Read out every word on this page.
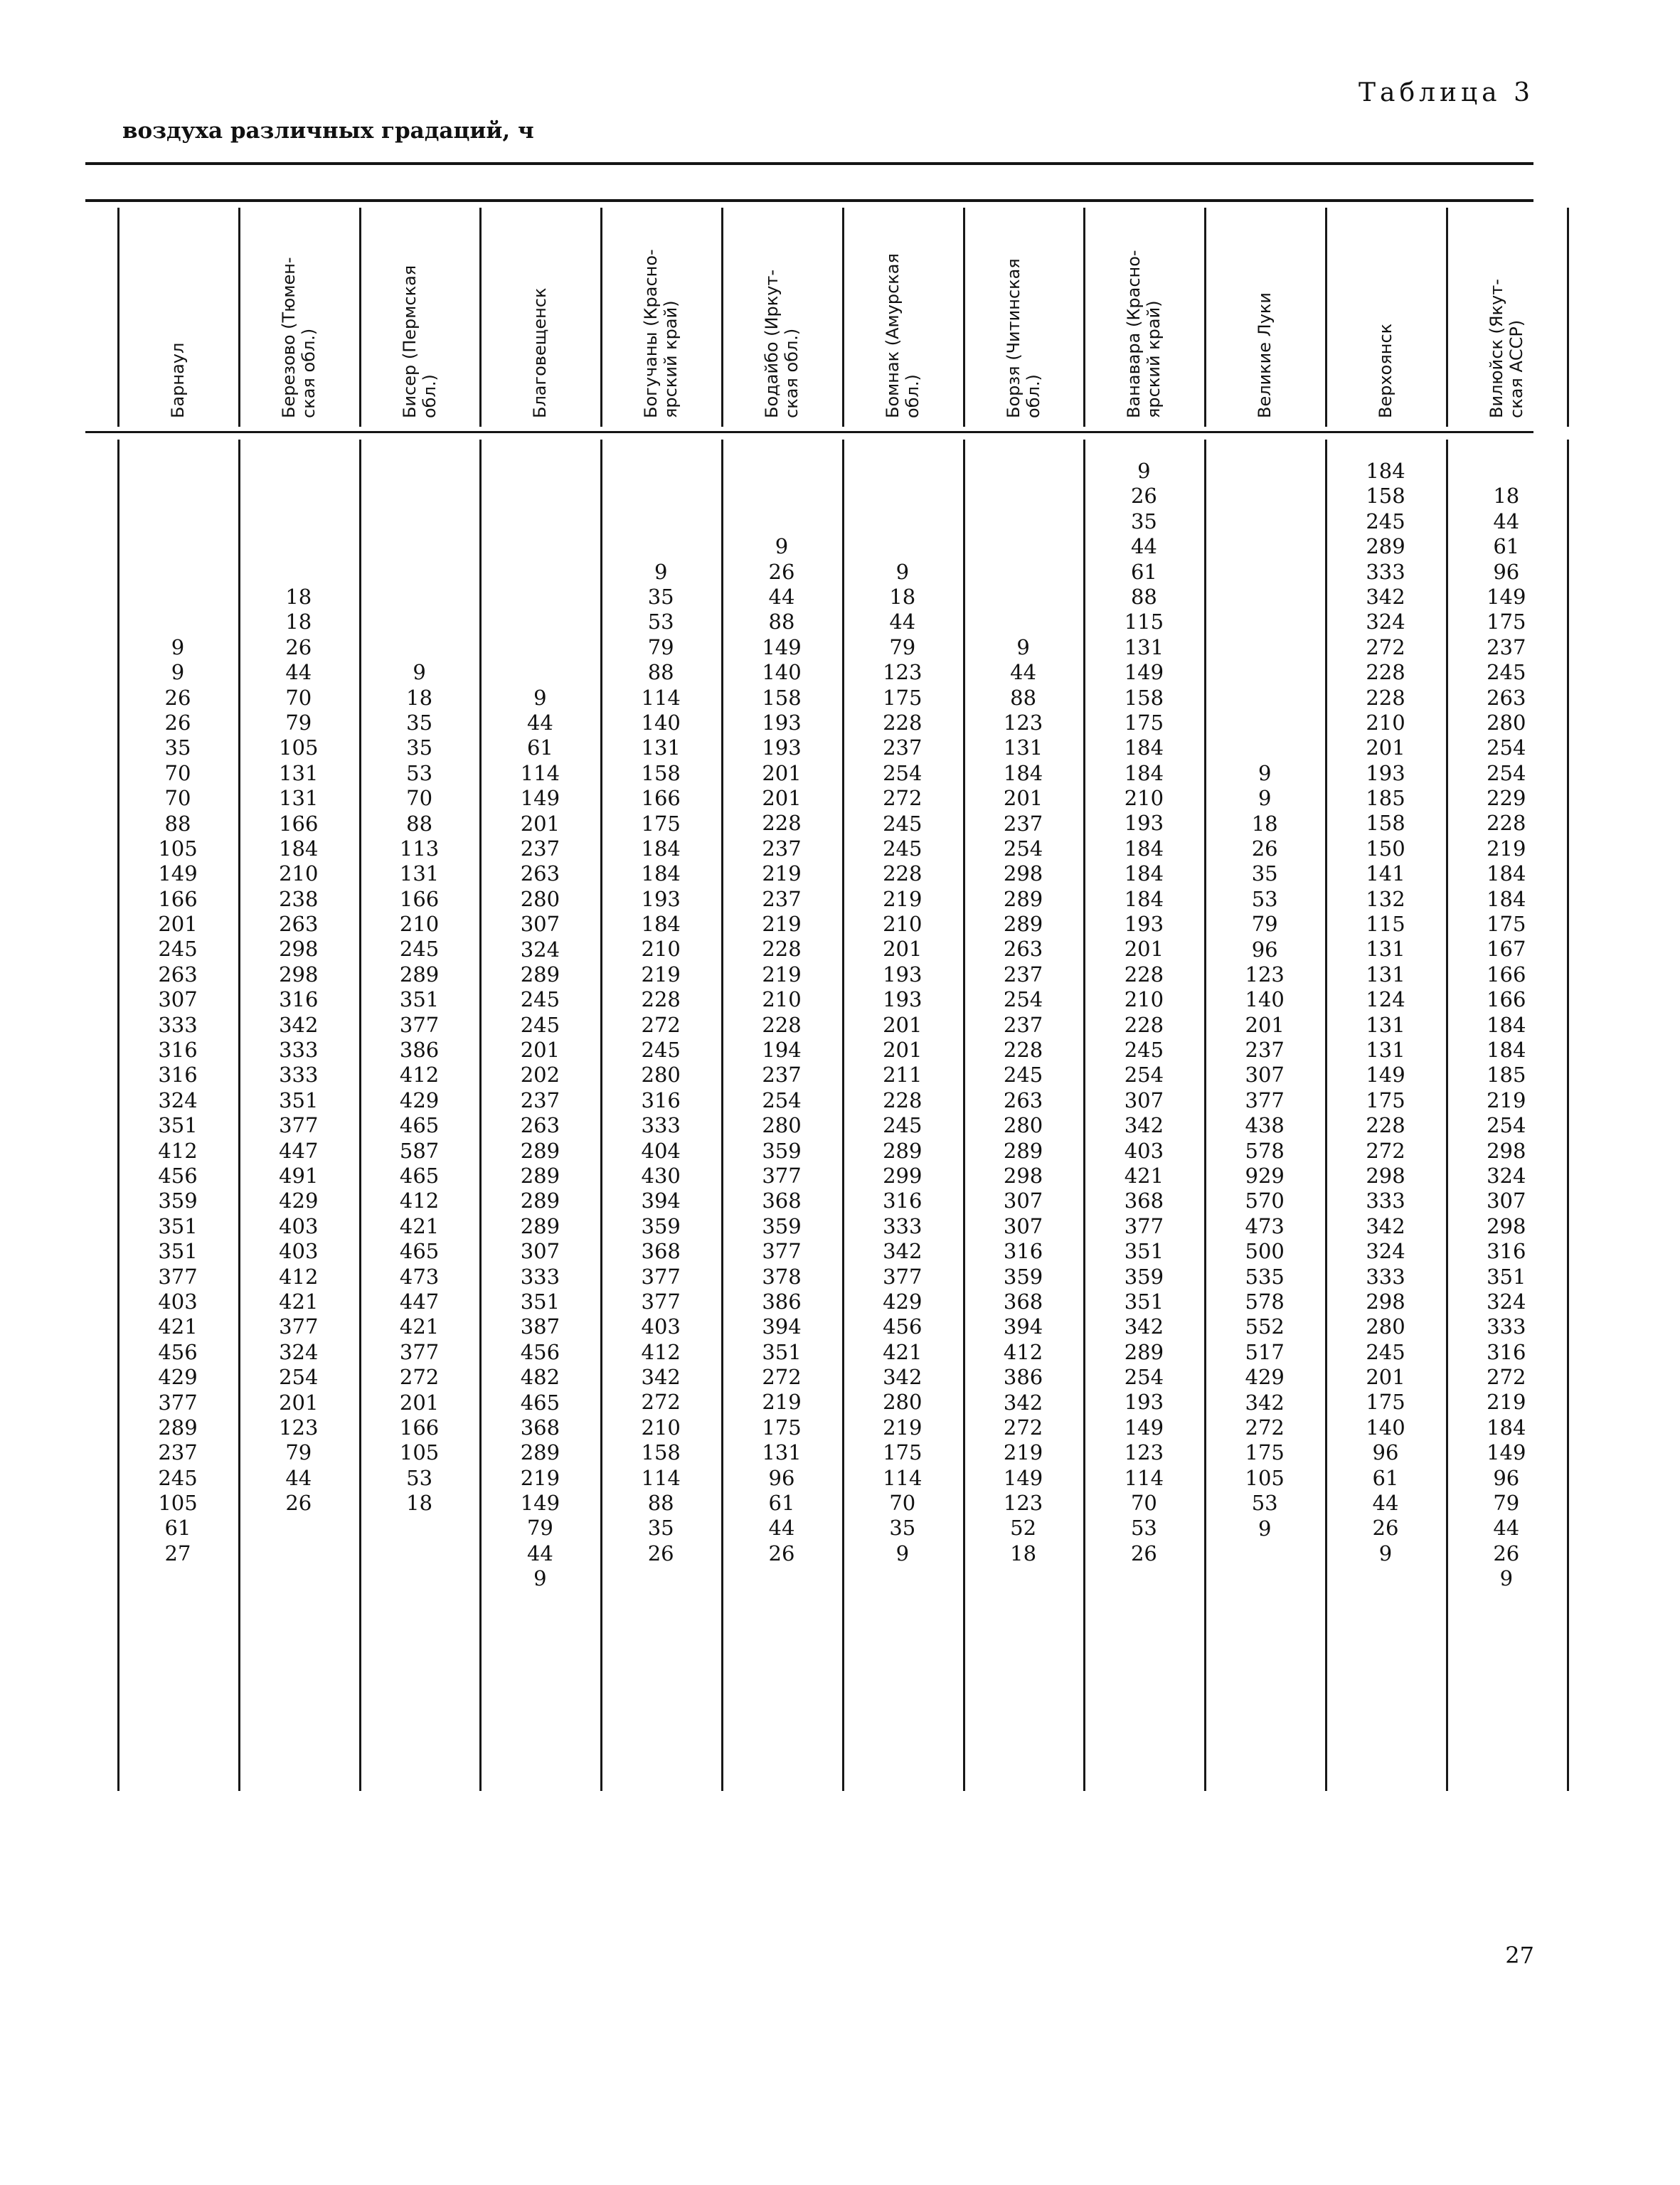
Таблица 3
воздуха различных градаций, ч
Барнаул
9
9
26
26
35
70
70
88
105
149
166
201
245
263
307
333
316
316
324
351
412
456
359
351
351
377
403
421
456
429
377
289
237
245
105
61
27
Березово (Тюмен-
ская обл.)
18
18
26
44
70
79
105
131
131
166
184
210
238
263
298
298
316
342
333
333
351
377
447
491
429
403
403
412
421
377
324
254
201
123
79
44
26
Бисер (Пермская
обл.)
9
18
35
35
53
70
88
113
131
166
210
245
289
351
377
386
412
429
465
587
465
412
421
465
473
447
421
377
272
201
166
105
53
18
Благовещенск
9
44
61
114
149
201
237
263
280
307
324
289
245
245
201
202
237
263
289
289
289
289
307
333
351
387
456
482
465
368
289
219
149
79
44
9
Богучаны (Красно-
ярский край)
9
35
53
79
88
114
140
131
158
166
175
184
184
193
184
210
219
228
272
245
280
316
333
404
430
394
359
368
377
377
403
412
342
272
210
158
114
88
35
26
Бодайбо (Иркут-
ская обл.)
9
26
44
88
149
140
158
193
193
201
201
228
237
219
237
219
228
219
210
228
194
237
254
280
359
377
368
359
377
378
386
394
351
272
219
175
131
96
61
44
26
Бомнак (Амурская
обл.)
9
18
44
79
123
175
228
237
254
272
245
245
228
219
210
201
193
193
201
201
211
228
245
289
299
316
333
342
377
429
456
421
342
280
219
175
114
70
35
9
Борзя (Читинская
обл.)
9
44
88
123
131
184
201
237
254
298
289
289
263
237
254
237
228
245
263
280
289
298
307
307
316
359
368
394
412
386
342
272
219
149
123
52
18
Ванавара (Красно-
ярский край)
9
26
35
44
61
88
115
131
149
158
175
184
184
210
193
184
184
184
193
201
228
210
228
245
254
307
342
403
421
368
377
351
359
351
342
289
254
193
149
123
114
70
53
26
Великие Луки
9
9
18
26
35
53
79
96
123
140
201
237
307
377
438
578
929
570
473
500
535
578
552
517
429
342
272
175
105
53
9
Верхоянск
184
158
245
289
333
342
324
272
228
228
210
201
193
185
158
150
141
132
115
131
131
124
131
131
149
175
228
272
298
333
342
324
333
298
280
245
201
175
140
96
61
44
26
9
Вилюйск (Якут-
ская АССР)
18
44
61
96
149
175
237
245
263
280
254
254
229
228
219
184
184
175
167
166
166
184
184
185
219
254
298
324
307
298
316
351
324
333
316
272
219
184
149
96
79
44
26
9
27
